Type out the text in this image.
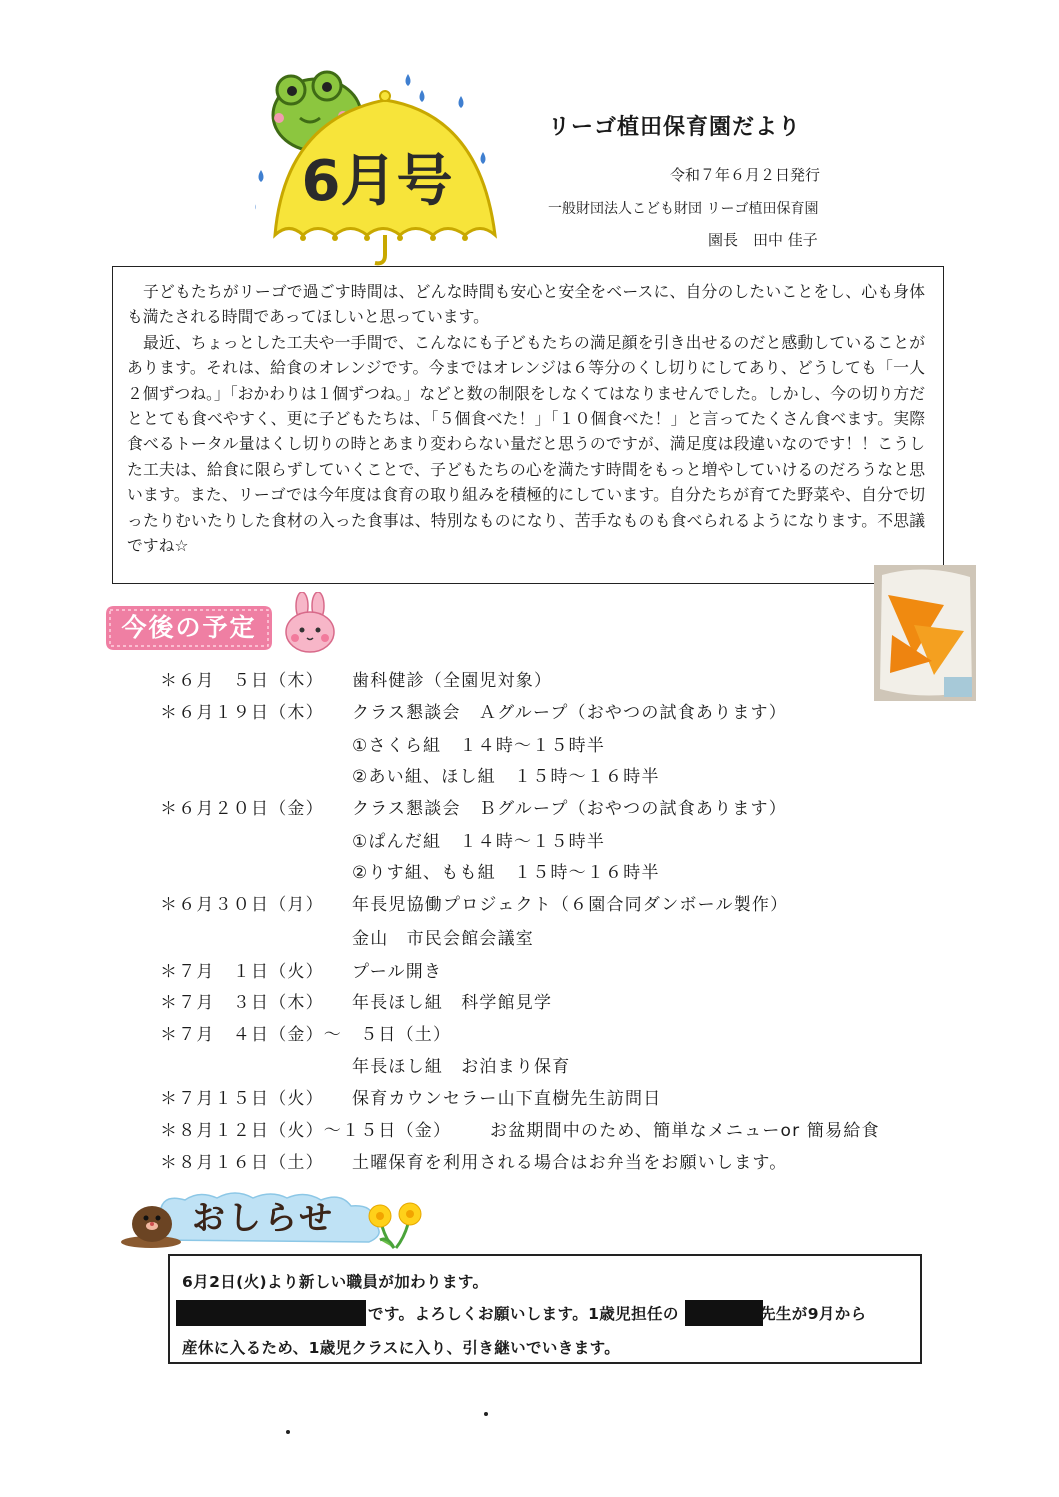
6月号
リーゴ植田保育園だより
令和７年６月２日発行
一般財団法人こども財団 リーゴ植田保育園
園長　田中 佳子

子どもたちがリーゴで過ごす時間は、どんな時間も安心と安全をベースに、自分のしたいことをし、心も身体も満たされる時間であってほしいと思っています。

最近、ちょっとした工夫や一手間で、こんなにも子どもたちの満足顔を引き出せるのだと感動していることがあります。それは、給食のオレンジです。今まではオレンジは６等分のくし切りにしてあり、どうしても「一人２個ずつね。」「おかわりは１個ずつね。」などと数の制限をしなくてはなりませんでした。しかし、今の切り方だととても食べやすく、更に子どもたちは、「５個食べた！」「１０個食べた！」と言ってたくさん食べます。実際食べるトータル量はくし切りの時とあまり変わらない量だと思うのですが、満足度は段違いなのです！！こうした工夫は、給食に限らずしていくことで、子どもたちの心を満たす時間をもっと増やしていけるのだろうなと思います。また、リーゴでは今年度は食育の取り組みを積極的にしています。自分たちが育てた野菜や、自分で切ったりむいたりした食材の入った食事は、特別なものになり、苦手なものも食べられるようになります。不思議ですね☆

今後の予定
＊６月　５日（木） 歯科健診（全園児対象）
＊６月１９日（木） クラス懇談会　Ａグループ（おやつの試食あります）
①さくら組　１４時～１５時半
②あい組、ほし組　１５時～１６時半
＊６月２０日（金） クラス懇談会　Ｂグループ（おやつの試食あります）
①ぱんだ組　１４時～１５時半
②りす組、もも組　１５時～１６時半
＊６月３０日（月） 年長児協働プロジェクト（６園合同ダンボール製作）
金山　市民会館会議室
＊７月　１日（火） プール開き
＊７月　３日（木） 年長ほし組　科学館見学
＊７月　４日（金）～　５日（土）
年長ほし組　お泊まり保育
＊７月１５日（火） 保育カウンセラー山下直樹先生訪問日
＊８月１２日（火）～１５日（金） お盆期間中のため、簡単なメニューor 簡易給食
＊８月１６日（土） 土曜保育を利用される場合はお弁当をお願いします。
おしらせ
6月2日(火)より新しい職員が加わります。
です。よろしくお願いします。1歳児担任の	先生が9月から
産休に入るため、1歳児クラスに入り、引き継いでいきます。
